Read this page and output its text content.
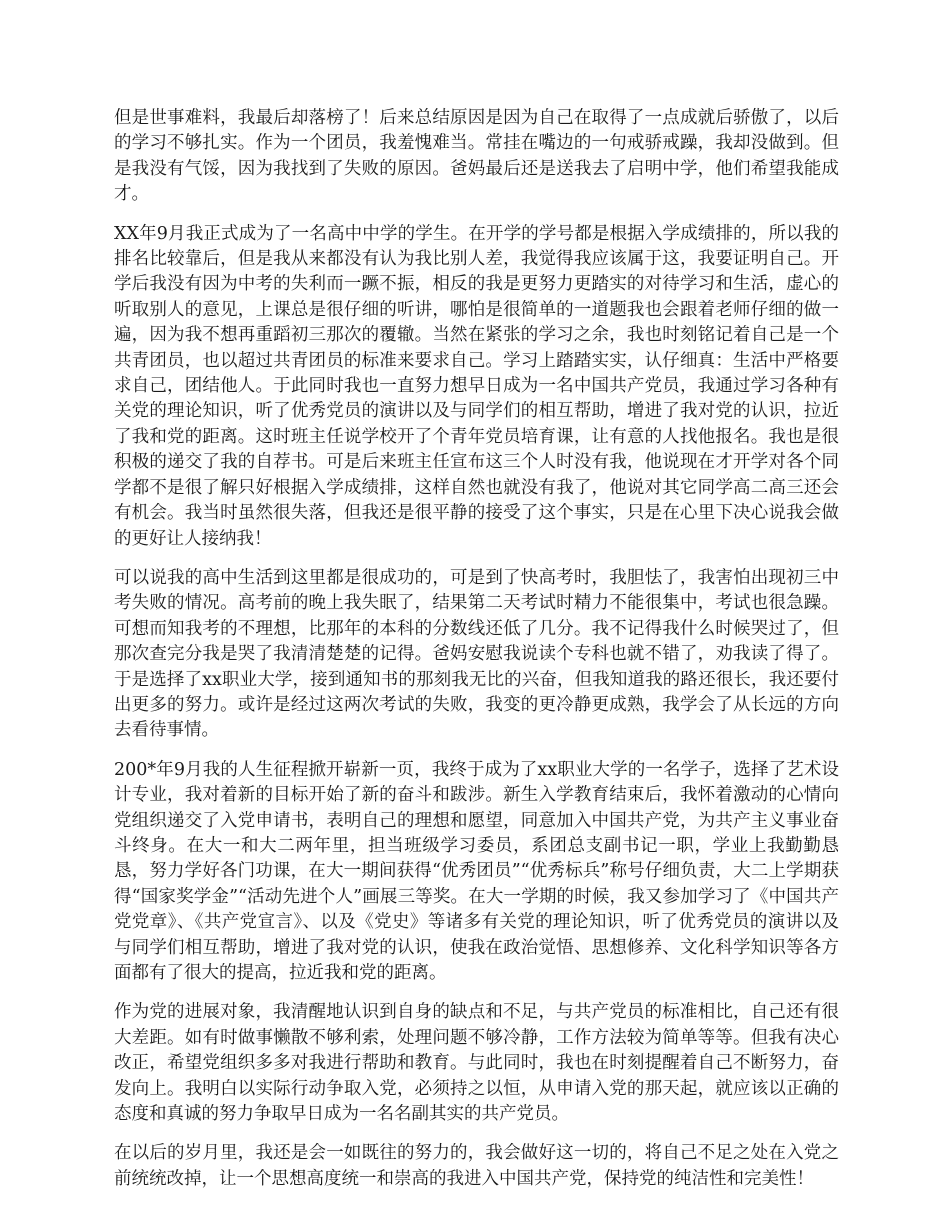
但是世事难料，我最后却落榜了！后来总结原因是因为自己在取得了一点成就后骄傲了，以后的学习不够扎实。作为一个团员，我羞愧难当。常挂在嘴边的一句戒骄戒躁，我却没做到。但是我没有气馁，因为我找到了失败的原因。爸妈最后还是送我去了启明中学，他们希望我能成才。

XX年9月我正式成为了一名高中中学的学生。在开学的学号都是根据入学成绩排的，所以我的排名比较靠后，但是我从来都没有认为我比别人差，我觉得我应该属于这，我要证明自己。开学后我没有因为中考的失利而一蹶不振，相反的我是更努力更踏实的对待学习和生活，虚心的听取别人的意见，上课总是很仔细的听讲，哪怕是很简单的一道题我也会跟着老师仔细的做一遍，因为我不想再重蹈初三那次的覆辙。当然在紧张的学习之余，我也时刻铭记着自己是一个共青团员，也以超过共青团员的标准来要求自己。学习上踏踏实实，认仔细真：生活中严格要求自己，团结他人。于此同时我也一直努力想早日成为一名中国共产党员，我通过学习各种有关党的理论知识，听了优秀党员的演讲以及与同学们的相互帮助，增进了我对党的认识，拉近了我和党的距离。这时班主任说学校开了个青年党员培育课，让有意的人找他报名。我也是很积极的递交了我的自荐书。可是后来班主任宣布这三个人时没有我，他说现在才开学对各个同学都不是很了解只好根据入学成绩排，这样自然也就没有我了，他说对其它同学高二高三还会有机会。我当时虽然很失落，但我还是很平静的接受了这个事实，只是在心里下决心说我会做的更好让人接纳我！

可以说我的高中生活到这里都是很成功的，可是到了快高考时，我胆怯了，我害怕出现初三中考失败的情况。高考前的晚上我失眠了，结果第二天考试时精力不能很集中，考试也很急躁。可想而知我考的不理想，比那年的本科的分数线还低了几分。我不记得我什么时候哭过了，但那次查完分我是哭了我清清楚楚的记得。爸妈安慰我说读个专科也就不错了，劝我读了得了。于是选择了xx职业大学，接到通知书的那刻我无比的兴奋，但我知道我的路还很长，我还要付出更多的努力。或许是经过这两次考试的失败，我变的更冷静更成熟，我学会了从长远的方向去看待事情。

200*年9月我的人生征程掀开崭新一页，我终于成为了xx职业大学的一名学子，选择了艺术设计专业，我对着新的目标开始了新的奋斗和跋涉。新生入学教育结束后，我怀着激动的心情向党组织递交了入党申请书，表明自己的理想和愿望，同意加入中国共产党，为共产主义事业奋斗终身。在大一和大二两年里，担当班级学习委员，系团总支副书记一职，学业上我勤勤恳恳，努力学好各门功课，在大一期间获得“优秀团员”“优秀标兵”称号仔细负责，大二上学期获得“国家奖学金”“活动先进个人”画展三等奖。在大一学期的时候，我又参加学习了《中国共产党党章》、《共产党宣言》、以及《党史》等诸多有关党的理论知识，听了优秀党员的演讲以及与同学们相互帮助，增进了我对党的认识，使我在政治觉悟、思想修养、文化科学知识等各方面都有了很大的提高，拉近我和党的距离。

作为党的进展对象，我清醒地认识到自身的缺点和不足，与共产党员的标准相比，自己还有很大差距。如有时做事懒散不够利索，处理问题不够冷静，工作方法较为简单等等。但我有决心改正，希望党组织多多对我进行帮助和教育。与此同时，我也在时刻提醒着自己不断努力，奋发向上。我明白以实际行动争取入党，必须持之以恒，从申请入党的那天起，就应该以正确的态度和真诚的努力争取早日成为一名名副其实的共产党员。

在以后的岁月里，我还是会一如既往的努力的，我会做好这一切的，将自己不足之处在入党之前统统改掉，让一个思想高度统一和崇高的我进入中国共产党，保持党的纯洁性和完美性！
